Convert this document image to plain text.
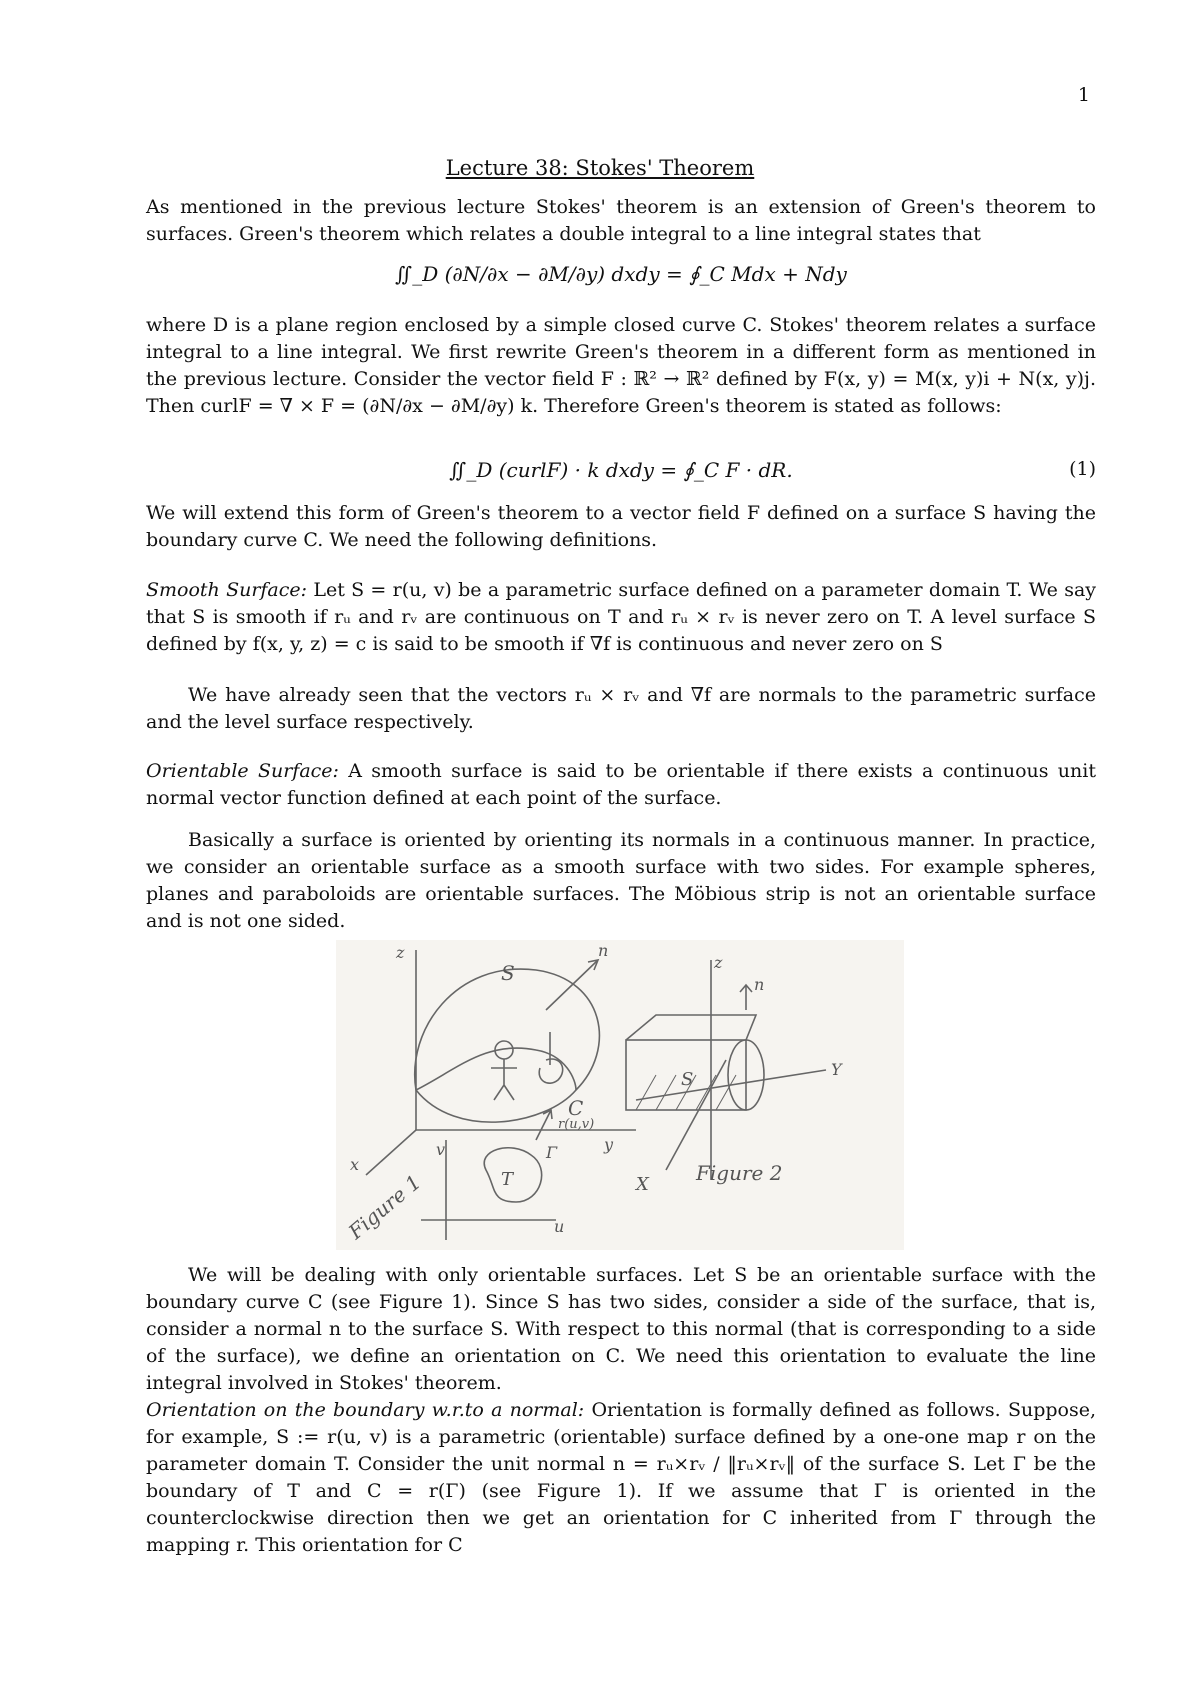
1
Lecture 38: Stokes' Theorem

As mentioned in the previous lecture Stokes' theorem is an extension of Green's theorem to surfaces. Green's theorem which relates a double integral to a line integral states that

∬_D (∂N/∂x − ∂M/∂y) dxdy = ∮_C Mdx + Ndy

where D is a plane region enclosed by a simple closed curve C. Stokes' theorem relates a surface integral to a line integral. We first rewrite Green's theorem in a different form as mentioned in the previous lecture. Consider the vector field F : ℝ² → ℝ² defined by F(x, y) = M(x, y)i + N(x, y)j. Then curlF = ∇ × F = (∂N/∂x − ∂M/∂y) k. Therefore Green's theorem is stated as follows:

∬_D (curlF) · k dxdy = ∮_C F · dR.	(1)

We will extend this form of Green's theorem to a vector field F defined on a surface S having the boundary curve C. We need the following definitions.

Smooth Surface: Let S = r(u, v) be a parametric surface defined on a parameter domain T. We say that S is smooth if rᵤ and rᵥ are continuous on T and rᵤ × rᵥ is never zero on T. A level surface S defined by f(x, y, z) = c is said to be smooth if ∇f is continuous and never zero on S

We have already seen that the vectors rᵤ × rᵥ and ∇f are normals to the parametric surface and the level surface respectively.

Orientable Surface: A smooth surface is said to be orientable if there exists a continuous unit normal vector function defined at each point of the surface.

Basically a surface is oriented by orienting its normals in a continuous manner. In practice, we consider an orientable surface as a smooth surface with two sides. For example spheres, planes and paraboloids are orientable surfaces. The Möbious strip is not an orientable surface and is not one sided.

z
S
n
C
y
x
v
r(u,v)
T
Γ
u
Figure 1
z
n
S	Y
X Figure 2

We will be dealing with only orientable surfaces. Let S be an orientable surface with the boundary curve C (see Figure 1). Since S has two sides, consider a side of the surface, that is, consider a normal n to the surface S. With respect to this normal (that is corresponding to a side of the surface), we define an orientation on C. We need this orientation to evaluate the line integral involved in Stokes' theorem.

Orientation on the boundary w.r.to a normal: Orientation is formally defined as follows. Suppose, for example, S := r(u, v) is a parametric (orientable) surface defined by a one-one map r on the parameter domain T. Consider the unit normal n = rᵤ×rᵥ / ‖rᵤ×rᵥ‖ of the surface S. Let Γ be the boundary of T and C = r(Γ) (see Figure 1). If we assume that Γ is oriented in the counterclockwise direction then we get an orientation for C inherited from Γ through the mapping r. This orientation for C
